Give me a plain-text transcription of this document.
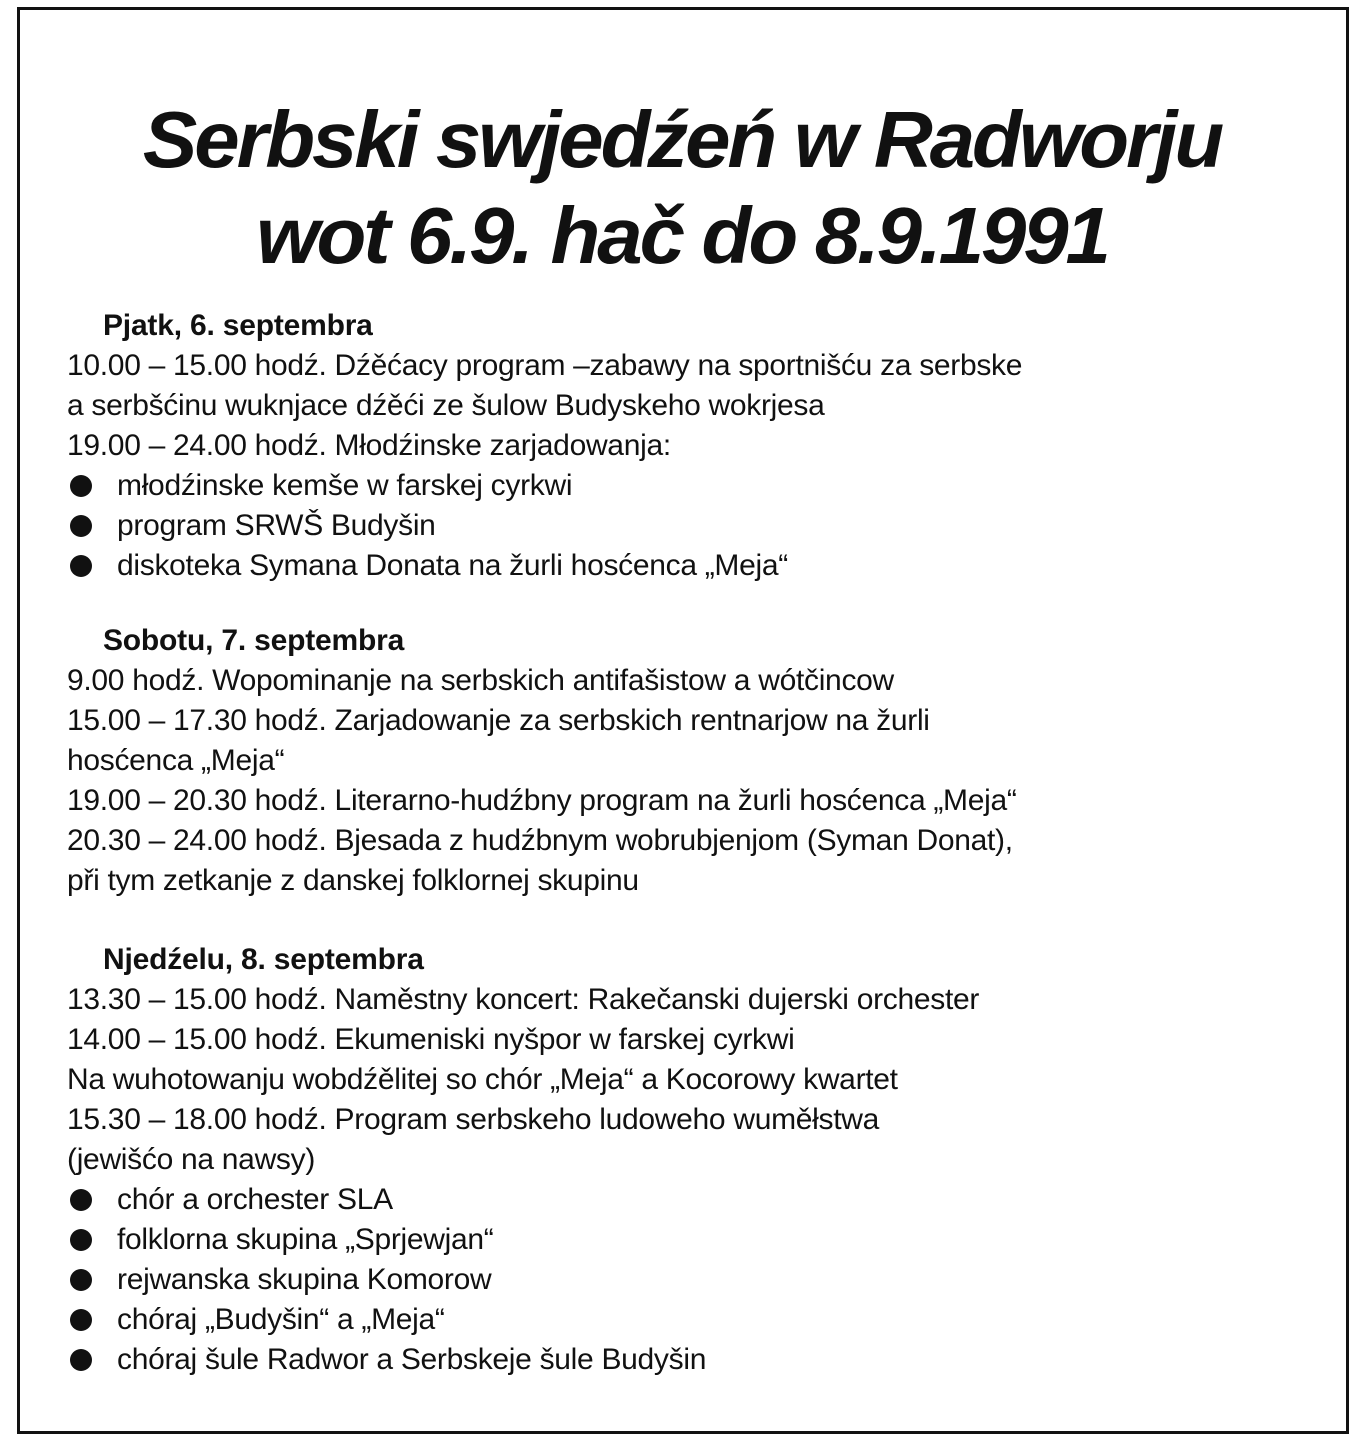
Serbski swjedźeń w Radworju
wot 6.9. hač do 8.9.1991

Pjatk, 6. septembra

10.00 – 15.00 hodź. Dźěćacy program –zabawy na sportnišću za serbske

a serbšćinu wuknjace dźěći ze šulow Budyskeho wokrjesa

19.00 – 24.00 hodź. Młodźinske zarjadowanja:

młodźinske kemše w farskej cyrkwi

program SRWŠ Budyšin

diskoteka Symana Donata na žurli hosćenca „Meja“

Sobotu, 7. septembra

9.00 hodź. Wopominanje na serbskich antifašistow a wótčincow

15.00 – 17.30 hodź. Zarjadowanje za serbskich rentnarjow na žurli

hosćenca „Meja“

19.00 – 20.30 hodź. Literarno-hudźbny program na žurli hosćenca „Meja“

20.30 – 24.00 hodź. Bjesada z hudźbnym wobrubjenjom (Syman Donat),

při tym zetkanje z danskej folklornej skupinu

Njedźelu, 8. septembra

13.30 – 15.00 hodź. Naměstny koncert: Rakečanski dujerski orchester

14.00 – 15.00 hodź. Ekumeniski nyšpor w farskej cyrkwi

Na wuhotowanju wobdźělitej so chór „Meja“ a Kocorowy kwartet

15.30 – 18.00 hodź. Program serbskeho ludoweho wuměłstwa

(jewišćo na nawsy)

chór a orchester SLA

folklorna skupina „Sprjewjan“

rejwanska skupina Komorow

chóraj „Budyšin“ a „Meja“

chóraj šule Radwor a Serbskeje šule Budyšin
